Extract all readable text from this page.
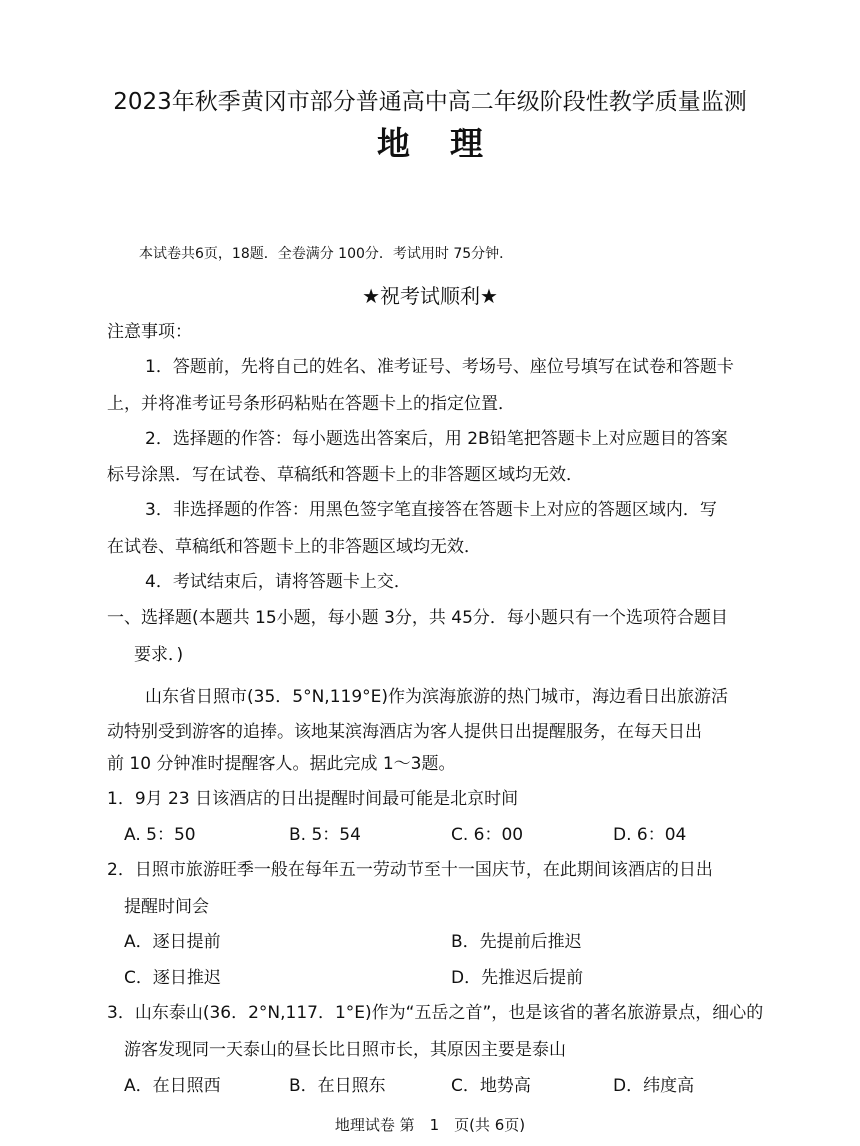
2023年秋季黄冈市部分普通高中高二年级阶段性教学质量监测
地理
本试卷共6页，18题．全卷满分 100分．考试用时 75分钟．
★祝考试顺利★
注意事项：
1．答题前，先将自己的姓名、准考证号、考场号、座位号填写在试卷和答题卡
上，并将准考证号条形码粘贴在答题卡上的指定位置．
2．选择题的作答：每小题选出答案后，用 2B铅笔把答题卡上对应题目的答案
标号涂黑．写在试卷、草稿纸和答题卡上的非答题区域均无效．
3．非选择题的作答：用黑色签字笔直接答在答题卡上对应的答题区域内．写
在试卷、草稿纸和答题卡上的非答题区域均无效．
4．考试结束后，请将答题卡上交．
一、选择题(本题共 15小题，每小题 3分，共 45分．每小题只有一个选项符合题目
要求．)
山东省日照市(35．5°N,119°E)作为滨海旅游的热门城市，海边看日出旅游活
动特别受到游客的追捧。该地某滨海酒店为客人提供日出提醒服务，在每天日出
前 10 分钟准时提醒客人。据此完成 1～3题。
1．9月 23 日该酒店的日出提醒时间最可能是北京时间
A. 5：50	B. 5：54	C. 6：00	D. 6：04
2．日照市旅游旺季一般在每年五一劳动节至十一国庆节，在此期间该酒店的日出
提醒时间会
A．逐日提前	B．先提前后推迟
C．逐日推迟	D．先推迟后提前
3．山东泰山(36．2°N,117．1°E)作为“五岳之首”，也是该省的著名旅游景点，细心的
游客发现同一天泰山的昼长比日照市长，其原因主要是泰山
A．在日照西	B．在日照东	C．地势高	D．纬度高
地理试卷 第　1　页(共 6页)
